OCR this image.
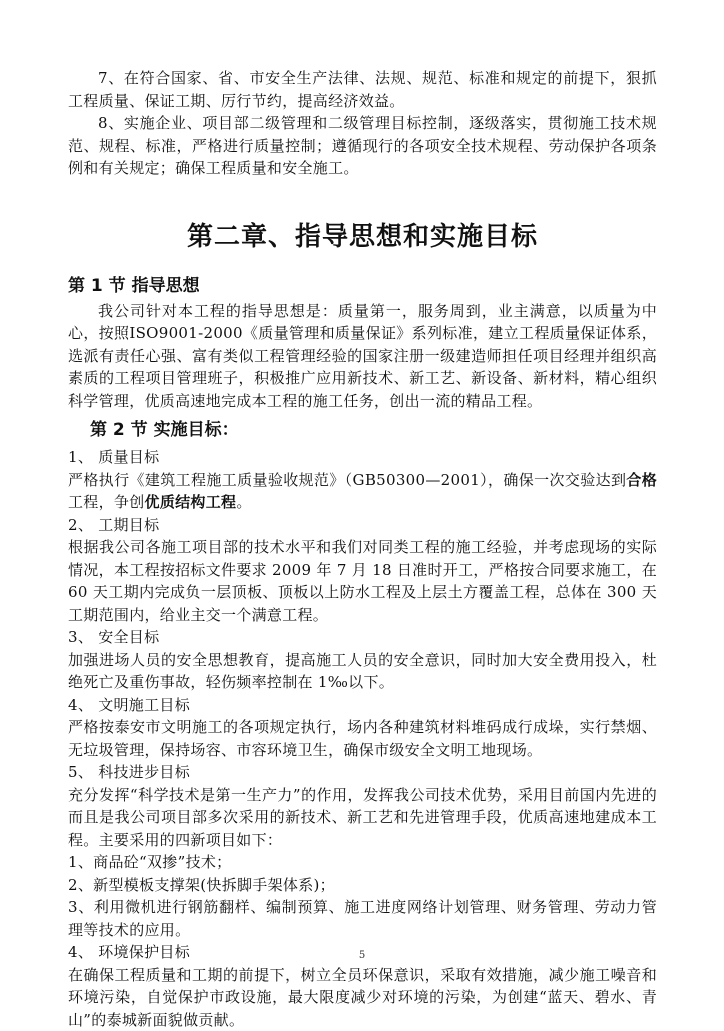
7、在符合国家、省、市安全生产法律、法规、规范、标准和规定的前提下，狠抓工程质量、保证工期、厉行节约，提高经济效益。

8、实施企业、项目部二级管理和二级管理目标控制，逐级落实，贯彻施工技术规范、规程、标准，严格进行质量控制；遵循现行的各项安全技术规程、劳动保护各项条例和有关规定；确保工程质量和安全施工。

第二章、指导思想和实施目标
第 1 节 指导思想

我公司针对本工程的指导思想是：质量第一，服务周到，业主满意，以质量为中心，按照ISO9001-2000《质量管理和质量保证》系列标准，建立工程质量保证体系，选派有责任心强、富有类似工程管理经验的国家注册一级建造师担任项目经理并组织高素质的工程项目管理班子，积极推广应用新技术、新工艺、新设备、新材料，精心组织科学管理，优质高速地完成本工程的施工任务，创出一流的精品工程。

第 2 节 实施目标：

1、 质量目标

严格执行《建筑工程施工质量验收规范》（GB50300—2001），确保一次交验达到合格工程，争创优质结构工程。

2、 工期目标

根据我公司各施工项目部的技术水平和我们对同类工程的施工经验，并考虑现场的实际情况，本工程按招标文件要求 2009 年 7 月 18 日准时开工，严格按合同要求施工，在 60 天工期内完成负一层顶板、顶板以上防水工程及上层土方覆盖工程，总体在 300 天工期范围内，给业主交一个满意工程。

3、 安全目标

加强进场人员的安全思想教育，提高施工人员的安全意识，同时加大安全费用投入，杜绝死亡及重伤事故，轻伤频率控制在 1‰以下。

4、 文明施工目标

严格按泰安市文明施工的各项规定执行，场内各种建筑材料堆码成行成垛，实行禁烟、无垃圾管理，保持场容、市容环境卫生，确保市级安全文明工地现场。

5、 科技进步目标

充分发挥“科学技术是第一生产力”的作用，发挥我公司技术优势，采用目前国内先进的而且是我公司项目部多次采用的新技术、新工艺和先进管理手段，优质高速地建成本工程。主要采用的四新项目如下：

1、商品砼“双掺”技术；

2、新型模板支撑架(快拆脚手架体系)；

3、利用微机进行钢筋翻样、编制预算、施工进度网络计划管理、财务管理、劳动力管理等技术的应用。

4、 环境保护目标

在确保工程质量和工期的前提下，树立全员环保意识，采取有效措施，减少施工噪音和环境污染，自觉保护市政设施，最大限度减少对环境的污染，为创建“蓝天、碧水、青山”的泰城新面貌做贡献。

5
